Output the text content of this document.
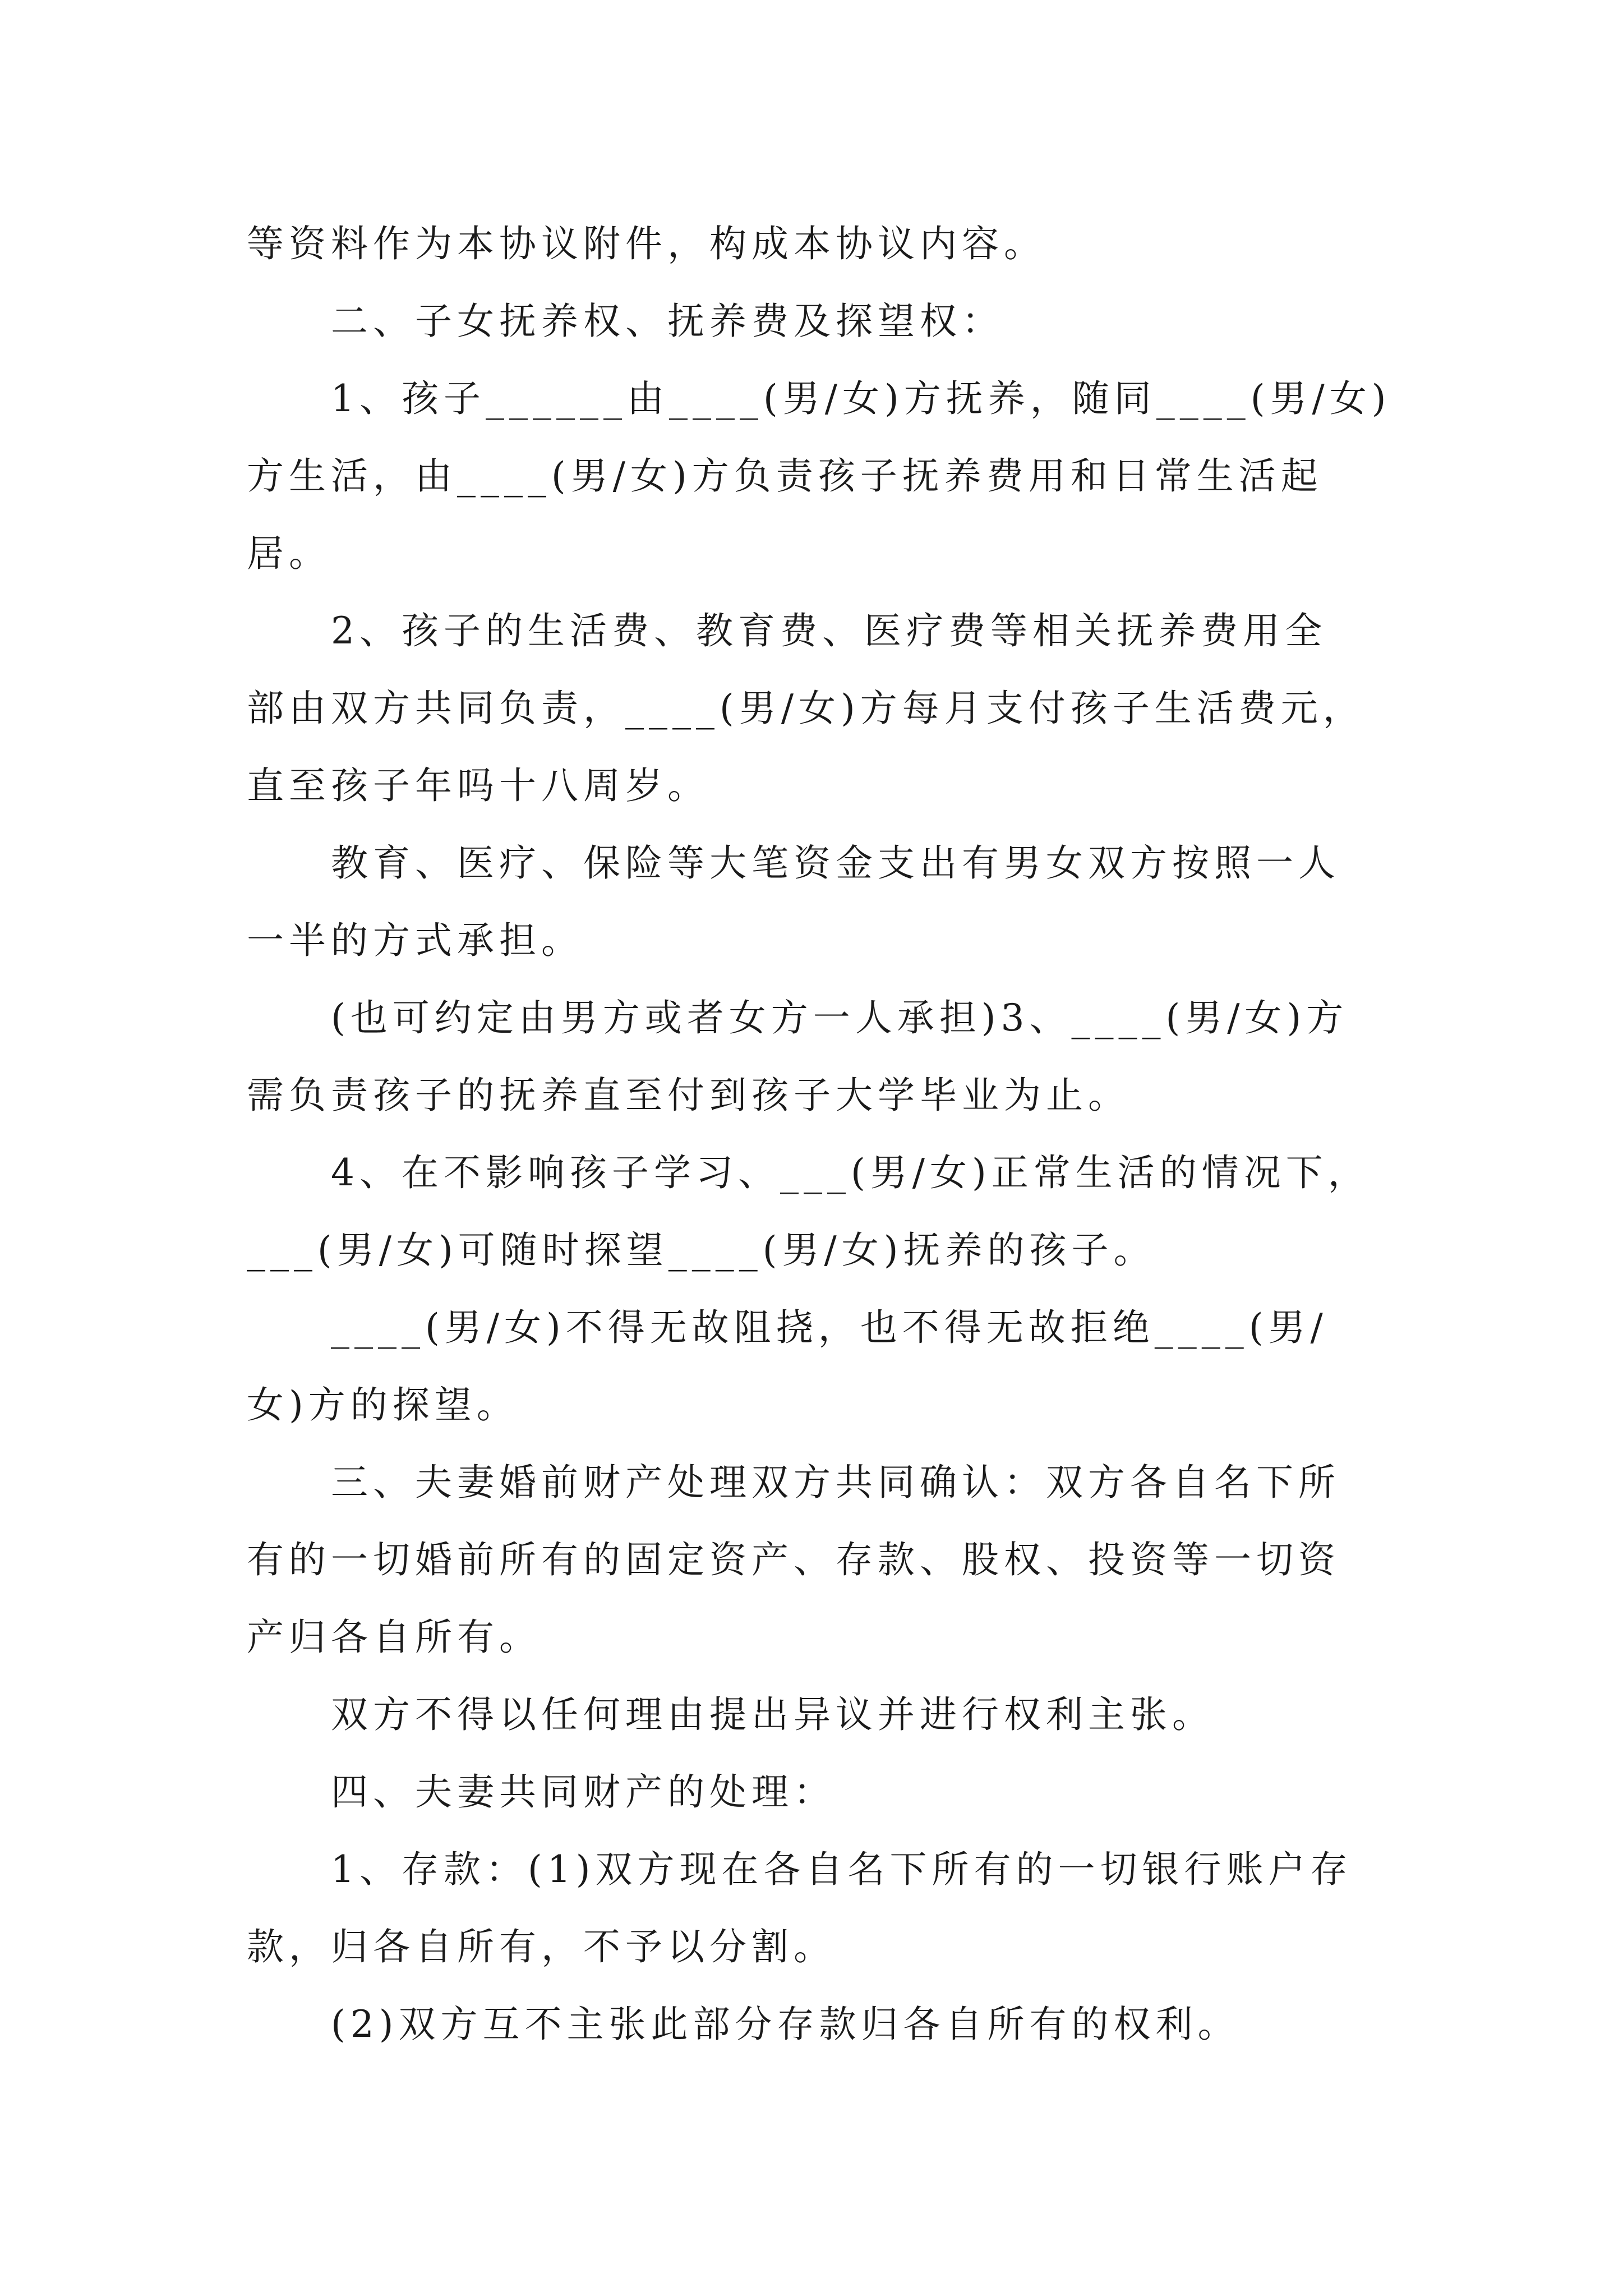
等资料作为本协议附件，构成本协议内容。
　　二、子女抚养权、抚养费及探望权：
　　1、孩子______由____(男/女)方抚养，随同____(男/女)
方生活，由____(男/女)方负责孩子抚养费用和日常生活起
居。
　　2、孩子的生活费、教育费、医疗费等相关抚养费用全
部由双方共同负责，____(男/女)方每月支付孩子生活费元，
直至孩子年吗十八周岁。
　　教育、医疗、保险等大笔资金支出有男女双方按照一人
一半的方式承担。
　　(也可约定由男方或者女方一人承担)3、____(男/女)方
需负责孩子的抚养直至付到孩子大学毕业为止。
　　4、在不影响孩子学习、___(男/女)正常生活的情况下，
___(男/女)可随时探望____(男/女)抚养的孩子。
　　____(男/女)不得无故阻挠，也不得无故拒绝____(男/
女)方的探望。
　　三、夫妻婚前财产处理双方共同确认：双方各自名下所
有的一切婚前所有的固定资产、存款、股权、投资等一切资
产归各自所有。
　　双方不得以任何理由提出异议并进行权利主张。
　　四、夫妻共同财产的处理：
　　1、存款：(1)双方现在各自名下所有的一切银行账户存
款，归各自所有，不予以分割。
　　(2)双方互不主张此部分存款归各自所有的权利。
